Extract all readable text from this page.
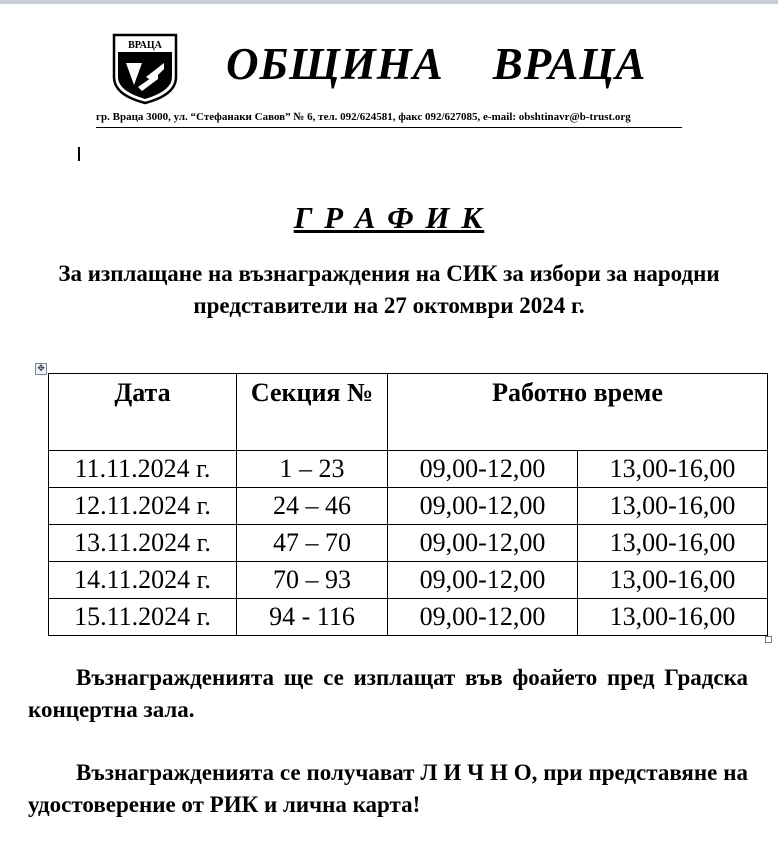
ВРАЦА ОБЩИНА    ВРАЦА
гр. Враца 3000, ул. “Стефанаки Савов” № 6, тел. 092/624581, факс 092/627085, e-mail: obshtinavr@b-trust.org
Г Р А Ф И К
За изплащане на възнаграждения на СИК за избори за народни представители на 27 октомври 2024 г.
✥
Дата	Секция №	Работно време	
11.11.2024 г.	1 – 23	09,00-12,00	13,00-16,00
12.11.2024 г.	24 – 46	09,00-12,00	13,00-16,00
13.11.2024 г.	47 – 70	09,00-12,00	13,00-16,00
14.11.2024 г.	70 – 93	09,00-12,00	13,00-16,00
15.11.2024 г.	94 - 116	09,00-12,00	13,00-16,00
Възнагражденията ще се изплащат във фоайето пред Градска концертна зала.
Възнагражденията се получават Л И Ч Н О, при представяне на удостоверение от РИК и лична карта!
